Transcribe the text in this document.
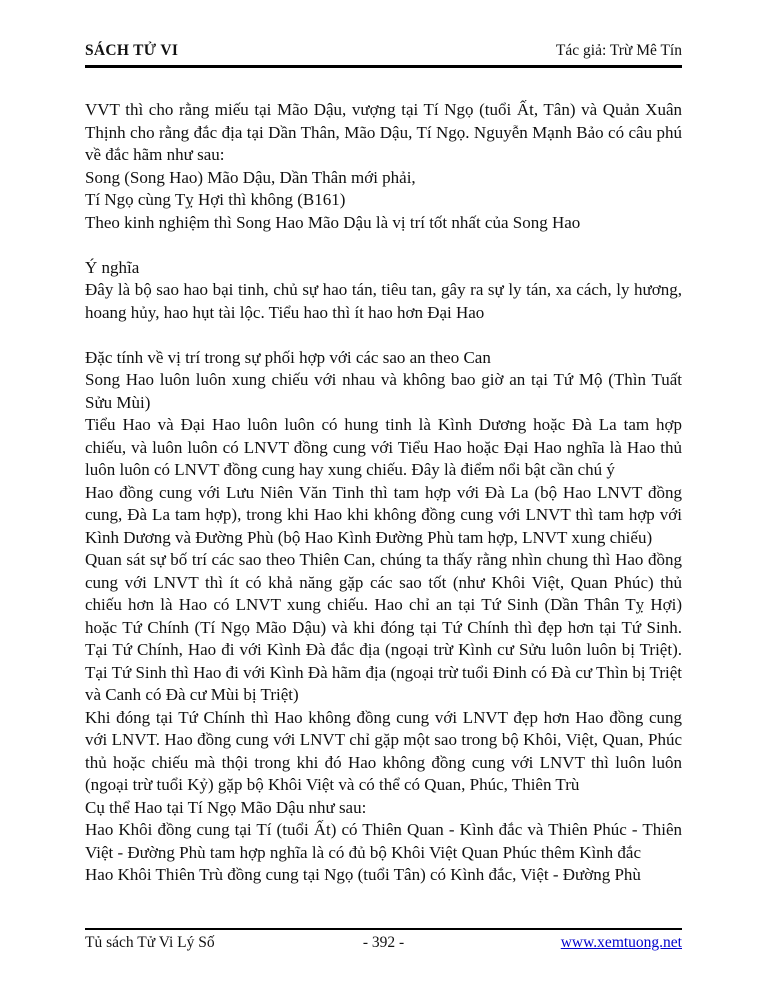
SÁCH TỬ VI	Tác giả: Trừ Mê Tín

VVT thì cho rằng miếu tại Mão Dậu, vượng tại Tí Ngọ (tuổi Ất, Tân) và Quản Xuân Thịnh cho rằng đắc địa tại Dần Thân, Mão Dậu, Tí Ngọ. Nguyễn Mạnh Bảo có câu phú về đắc hãm như sau:

Song (Song Hao) Mão Dậu, Dần Thân mới phải,

Tí Ngọ cùng Tỵ Hợi thì không (B161)

Theo kinh nghiệm thì Song Hao Mão Dậu là vị trí tốt nhất của Song Hao

Ý nghĩa

Đây là bộ sao hao bại tinh, chủ sự hao tán, tiêu tan, gây ra sự ly tán, xa cách, ly hương, hoang hủy, hao hụt tài lộc. Tiểu hao thì ít hao hơn Đại Hao

Đặc tính về vị trí trong sự phối hợp với các sao an theo Can

Song Hao luôn luôn xung chiếu với nhau và không bao giờ an tại Tứ Mộ (Thìn Tuất Sửu Mùi)

Tiểu Hao và Đại Hao luôn luôn có hung tinh là Kình Dương hoặc Đà La tam hợp chiếu, và luôn luôn có LNVT đồng cung với Tiểu Hao hoặc Đại Hao nghĩa là Hao thủ luôn luôn có LNVT đồng cung hay xung chiếu. Đây là điểm nổi bật cần chú ý

Hao đồng cung với Lưu Niên Văn Tinh thì tam hợp với Đà La (bộ Hao LNVT đồng cung, Đà La tam hợp), trong khi Hao khi không đồng cung với LNVT thì tam hợp với Kình Dương và Đường Phù (bộ Hao Kình Đường Phù tam hợp, LNVT xung chiếu)

Quan sát sự bố trí các sao theo Thiên Can, chúng ta thấy rằng nhìn chung thì Hao đồng cung với LNVT thì ít có khả năng gặp các sao tốt (như Khôi Việt, Quan Phúc) thủ chiếu hơn là Hao có LNVT xung chiếu. Hao chỉ an tại Tứ Sinh (Dần Thân Tỵ Hợi) hoặc Tứ Chính (Tí Ngọ Mão Dậu) và khi đóng tại Tứ Chính thì đẹp hơn tại Tứ Sinh. Tại Tứ Chính, Hao đi với Kình Đà đắc địa (ngoại trừ Kình cư Sửu luôn luôn bị Triệt). Tại Tứ Sinh thì Hao đi với Kình Đà hãm địa (ngoại trừ tuổi Đinh có Đà cư Thìn bị Triệt và Canh có Đà cư Mùi bị Triệt)

Khi đóng tại Tứ Chính thì Hao không đồng cung với LNVT đẹp hơn Hao đồng cung với LNVT. Hao đồng cung với LNVT chỉ gặp một sao trong bộ Khôi, Việt, Quan, Phúc thủ hoặc chiếu mà thội trong khi đó Hao không đồng cung với LNVT thì luôn luôn (ngoại trừ tuổi Kỷ) gặp bộ Khôi Việt và có thể có Quan, Phúc, Thiên Trù

Cụ thể Hao tại Tí Ngọ Mão Dậu như sau:

Hao Khôi đồng cung tại Tí (tuổi Ất) có Thiên Quan - Kình đắc và Thiên Phúc - Thiên Việt - Đường Phù tam hợp nghĩa là có đủ bộ Khôi Việt Quan Phúc thêm Kình đắc

Hao Khôi Thiên Trù đồng cung tại Ngọ (tuổi Tân) có Kình đắc, Việt - Đường Phù

Tủ sách Tử Vi Lý Số	- 392 -	www.xemtuong.net
